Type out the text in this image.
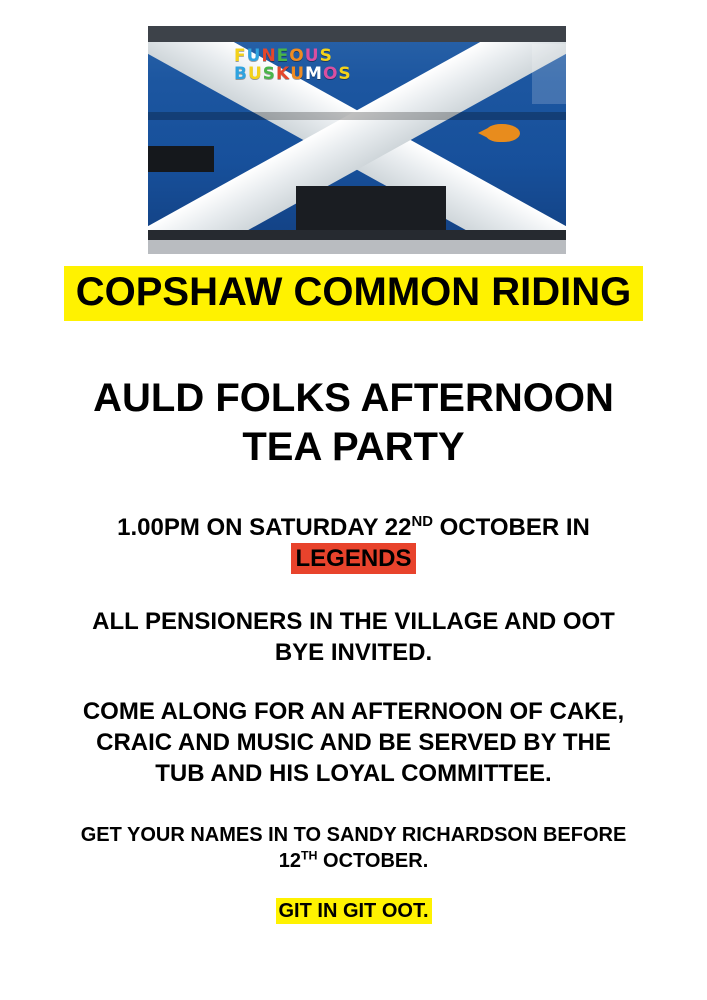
FUNEOUS
BUSKUMOS
COPSHAW COMMON RIDING
AULD FOLKS AFTERNOON
TEA PARTY
1.00PM ON SATURDAY 22ND OCTOBER IN
LEGENDS
ALL PENSIONERS IN THE VILLAGE AND OOT
BYE INVITED.
COME ALONG FOR AN AFTERNOON OF CAKE,
CRAIC AND MUSIC AND BE SERVED BY THE
TUB AND HIS LOYAL COMMITTEE.
GET YOUR NAMES IN TO SANDY RICHARDSON BEFORE
12TH OCTOBER.
GIT IN GIT OOT.
